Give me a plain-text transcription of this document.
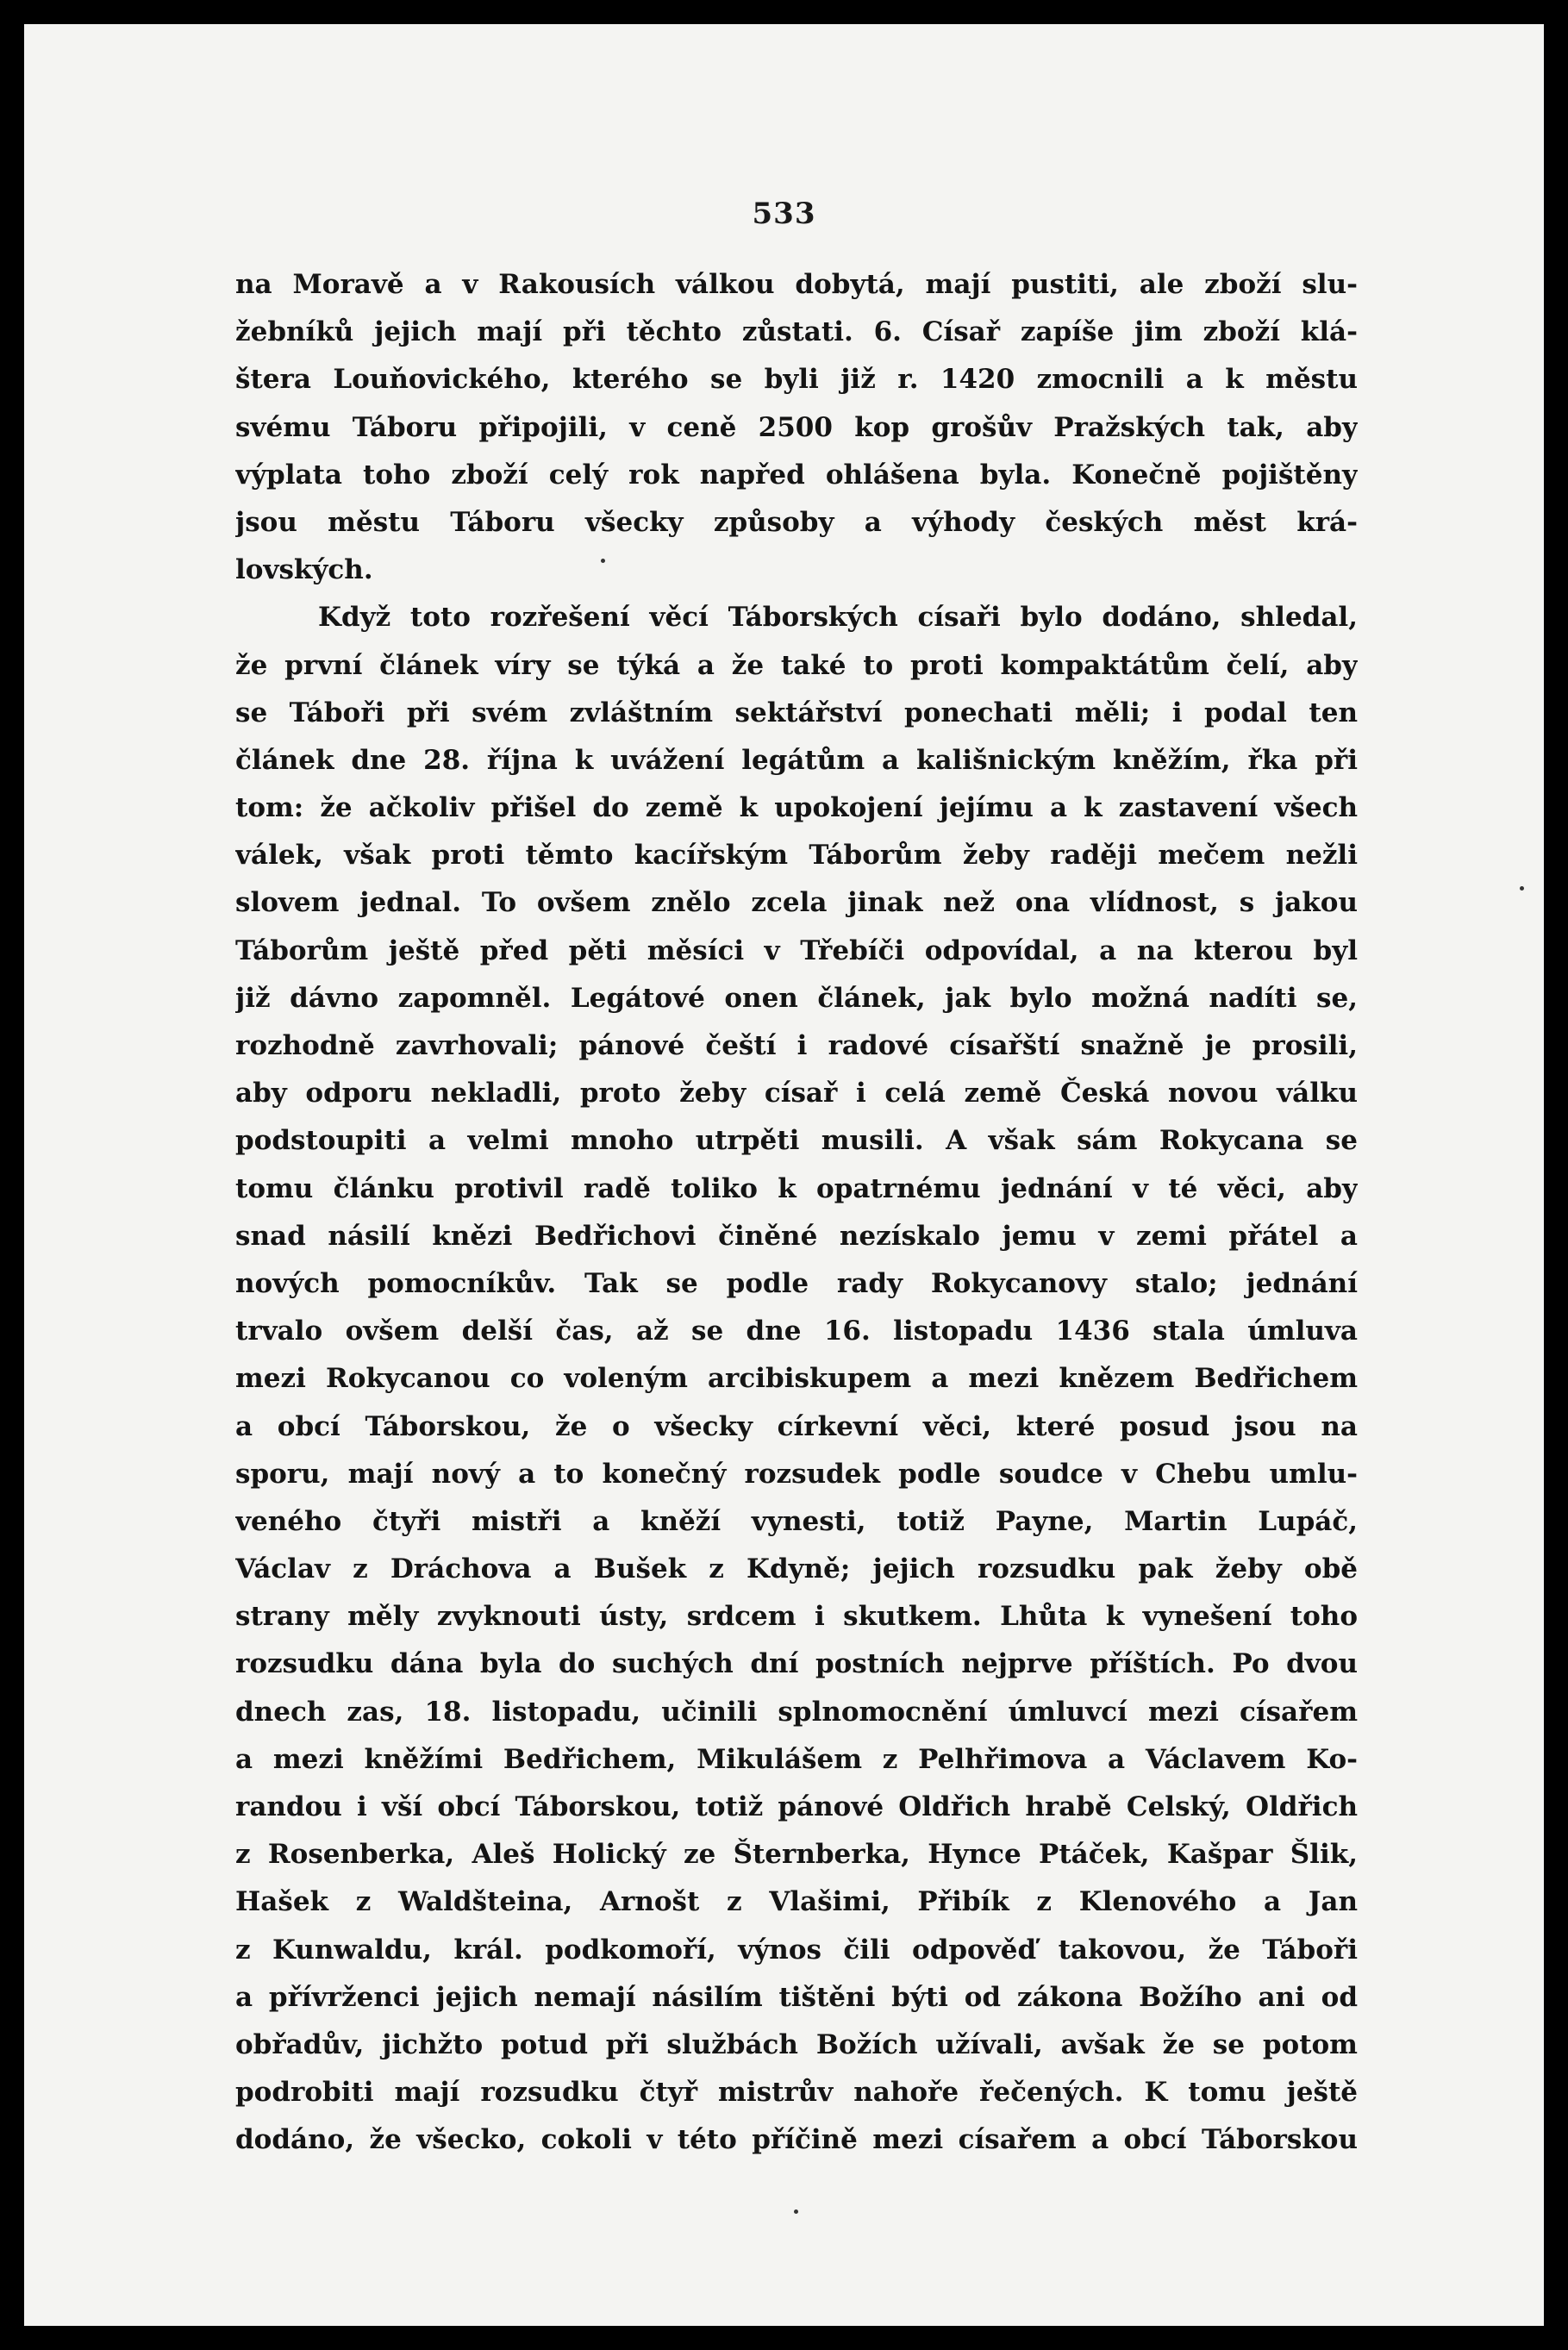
533
na Moravě a v Rakousích válkou dobytá, mají pustiti, ale zboží slu-
žebníků jejich mají při těchto zůstati. 6. Císař zapíše jim zboží klá-
štera Louňovického, kterého se byli již r. 1420 zmocnili a k městu
svému Táboru připojili, v ceně 2500 kop grošův Pražských tak, aby
výplata toho zboží celý rok napřed ohlášena byla. Konečně pojištěny
jsou městu Táboru všecky způsoby a výhody českých měst krá-
lovských.
Když toto rozřešení věcí Táborských císaři bylo dodáno, shledal,
že první článek víry se týká a že také to proti kompaktátům čelí, aby
se Táboři při svém zvláštním sektářství ponechati měli; i podal ten
článek dne 28. října k uvážení legátům a kališnickým kněžím, řka při
tom: že ačkoliv přišel do země k upokojení jejímu a k zastavení všech
válek, však proti těmto kacířským Táborům žeby raději mečem nežli
slovem jednal. To ovšem znělo zcela jinak než ona vlídnost, s jakou
Táborům ještě před pěti měsíci v Třebíči odpovídal, a na kterou byl
již dávno zapomněl. Legátové onen článek, jak bylo možná nadíti se,
rozhodně zavrhovali; pánové čeští i radové císařští snažně je prosili,
aby odporu nekladli, proto žeby císař i celá země Česká novou válku
podstoupiti a velmi mnoho utrpěti musili. A však sám Rokycana se
tomu článku protivil radě toliko k opatrnému jednání v té věci, aby
snad násilí knězi Bedřichovi činěné nezískalo jemu v zemi přátel a
nových pomocníkův. Tak se podle rady Rokycanovy stalo; jednání
trvalo ovšem delší čas, až se dne 16. listopadu 1436 stala úmluva
mezi Rokycanou co voleným arcibiskupem a mezi knězem Bedřichem
a obcí Táborskou, že o všecky církevní věci, které posud jsou na
sporu, mají nový a to konečný rozsudek podle soudce v Chebu umlu-
veného čtyři mistři a kněží vynesti, totiž Payne, Martin Lupáč,
Václav z Dráchova a Bušek z Kdyně; jejich rozsudku pak žeby obě
strany měly zvyknouti ústy, srdcem i skutkem. Lhůta k vynešení toho
rozsudku dána byla do suchých dní postních nejprve příštích. Po dvou
dnech zas, 18. listopadu, učinili splnomocnění úmluvcí mezi císařem
a mezi kněžími Bedřichem, Mikulášem z Pelhřimova a Václavem Ko-
randou i vší obcí Táborskou, totiž pánové Oldřich hrabě Celský, Oldřich
z Rosenberka, Aleš Holický ze Šternberka, Hynce Ptáček, Kašpar Šlik,
Hašek z Waldšteina, Arnošt z Vlašimi, Přibík z Klenového a Jan
z Kunwaldu, král. podkomoří, výnos čili odpověď takovou, že Táboři
a přívrženci jejich nemají násilím tištěni býti od zákona Božího ani od
obřadův, jichžto potud při službách Božích užívali, avšak že se potom
podrobiti mají rozsudku čtyř mistrův nahoře řečených. K tomu ještě
dodáno, že všecko, cokoli v této příčině mezi císařem a obcí Táborskou
